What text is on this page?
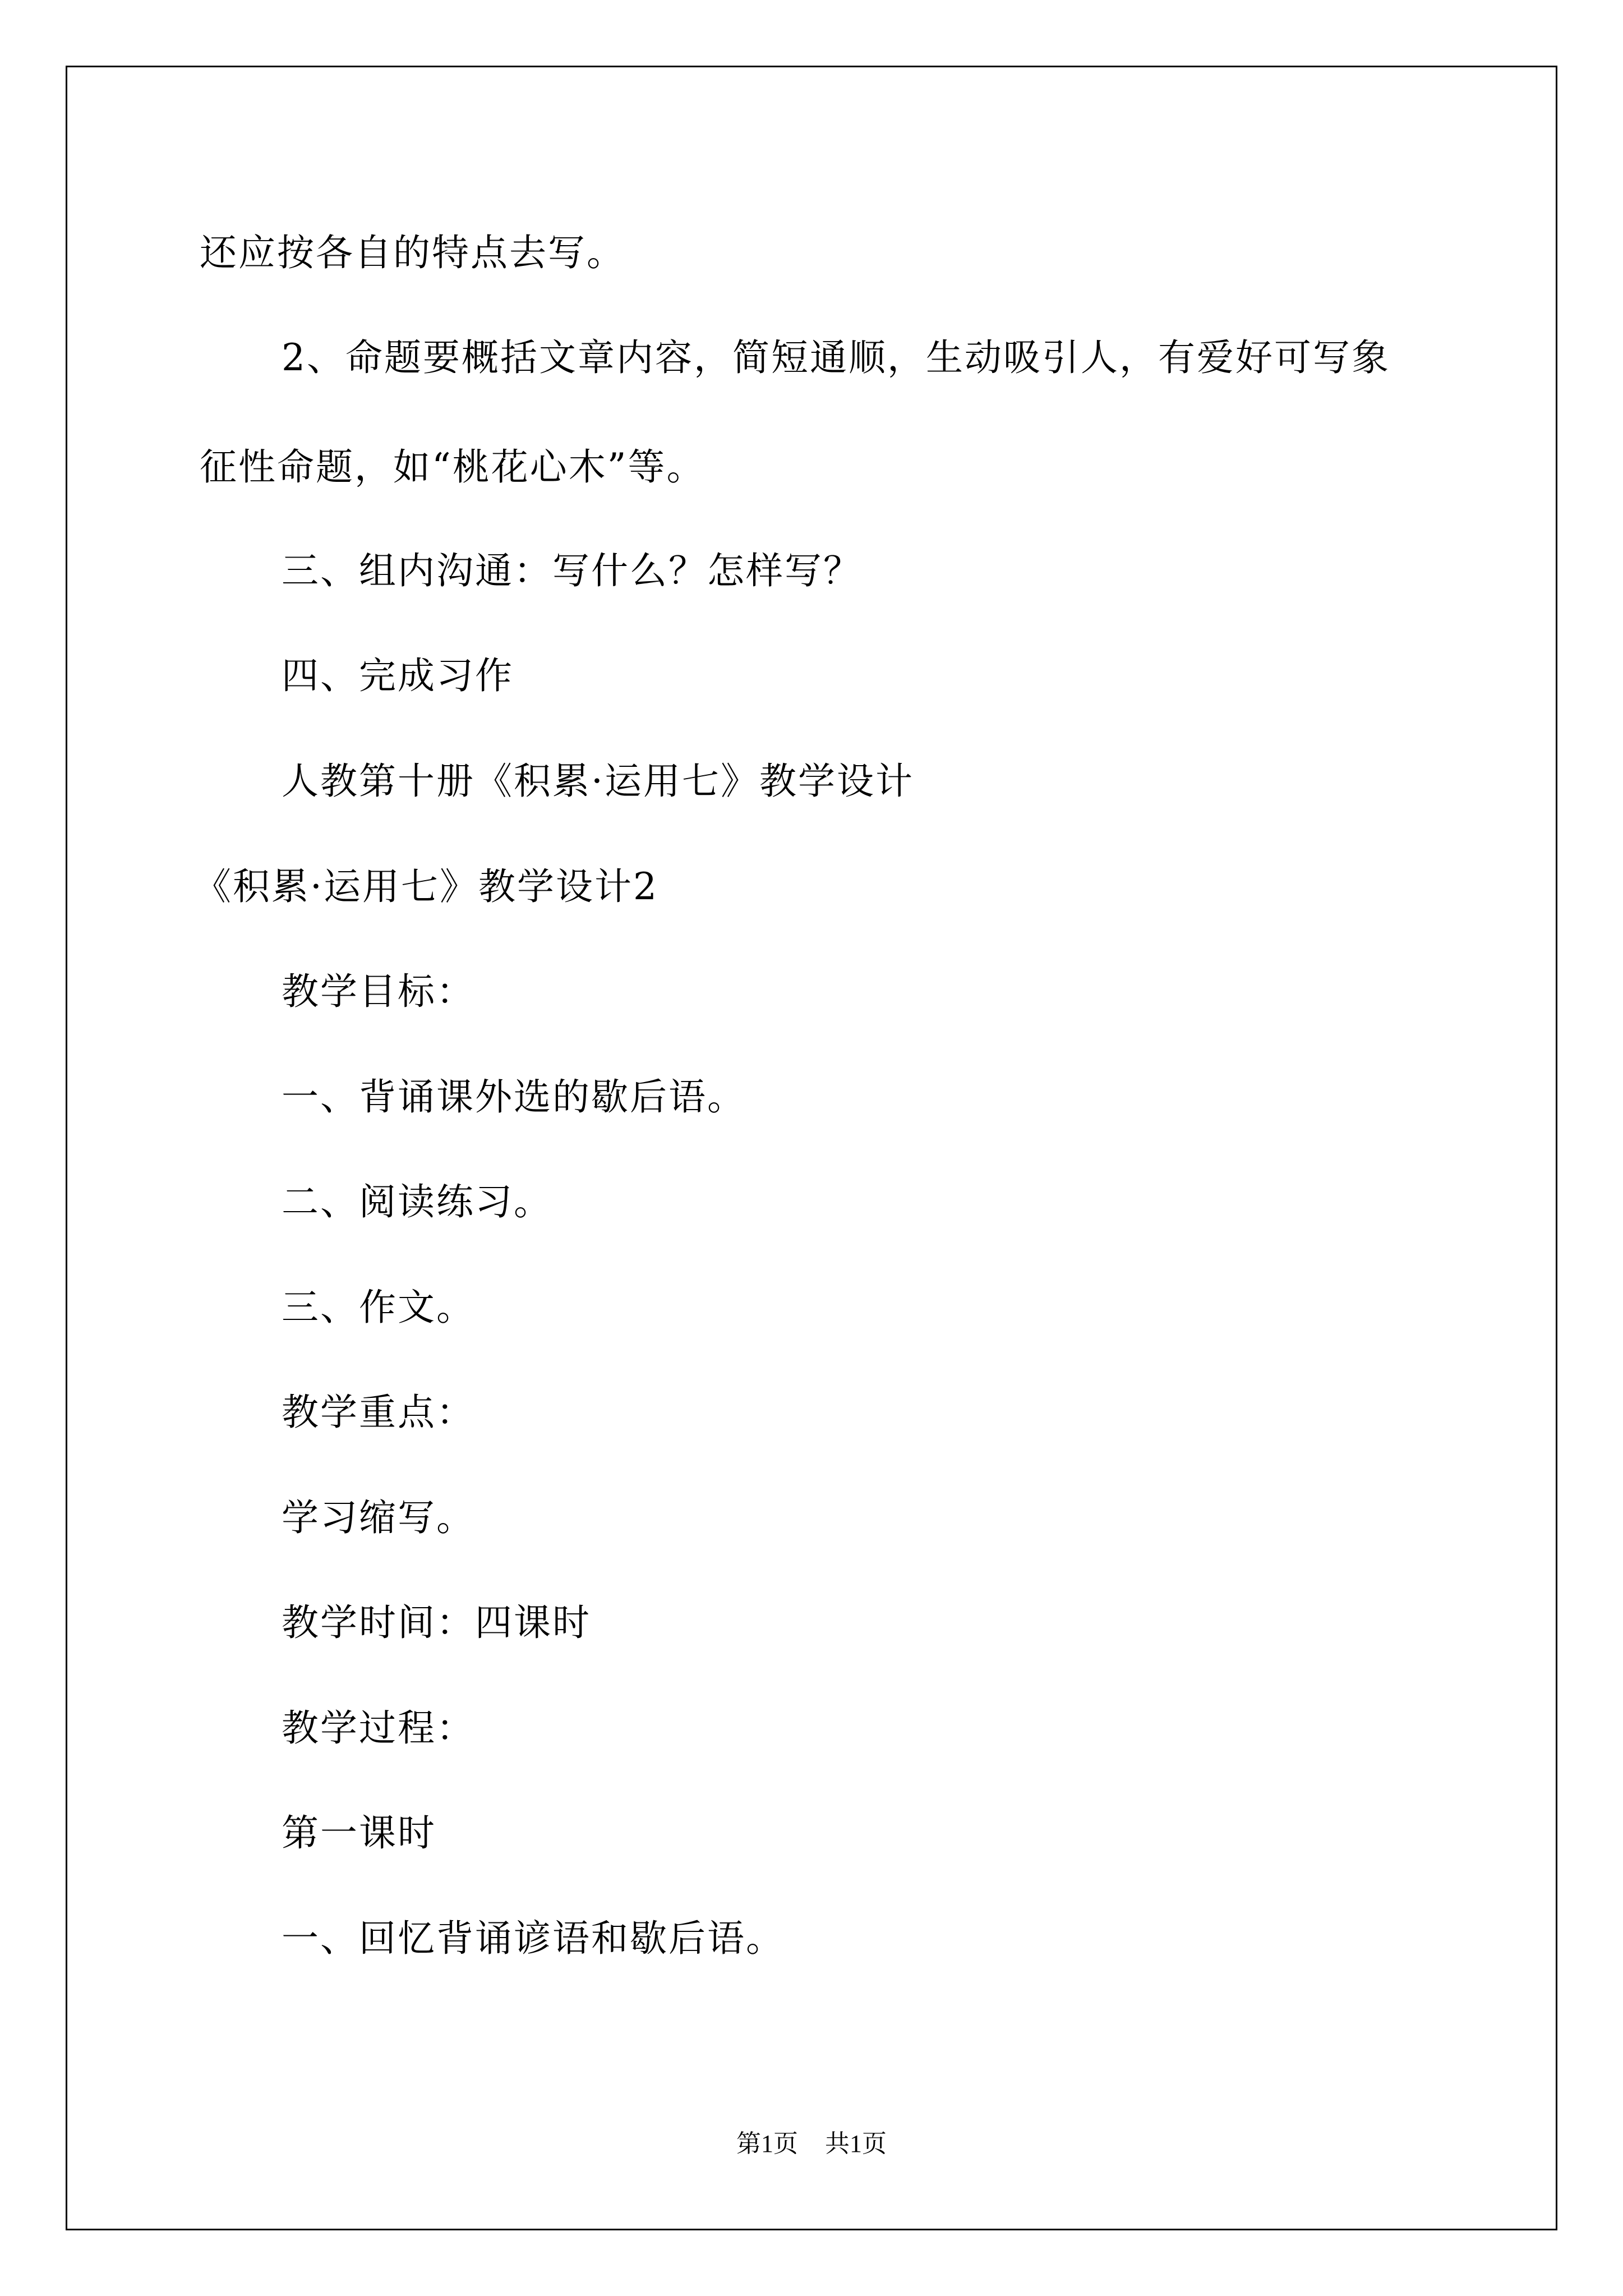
还应按各自的特点去写。
2、命题要概括文章内容，简短通顺，生动吸引人，有爱好可写象
征性命题，如“桃花心木”等。
三、组内沟通：写什么？怎样写？
四、完成习作
人教第十册《积累·运用七》教学设计
《积累·运用七》教学设计2
教学目标：
一、背诵课外选的歇后语。
二、阅读练习。
三、作文。
教学重点：
学习缩写。
教学时间：四课时
教学过程：
第一课时
一、回忆背诵谚语和歇后语。
第1页 共1页
